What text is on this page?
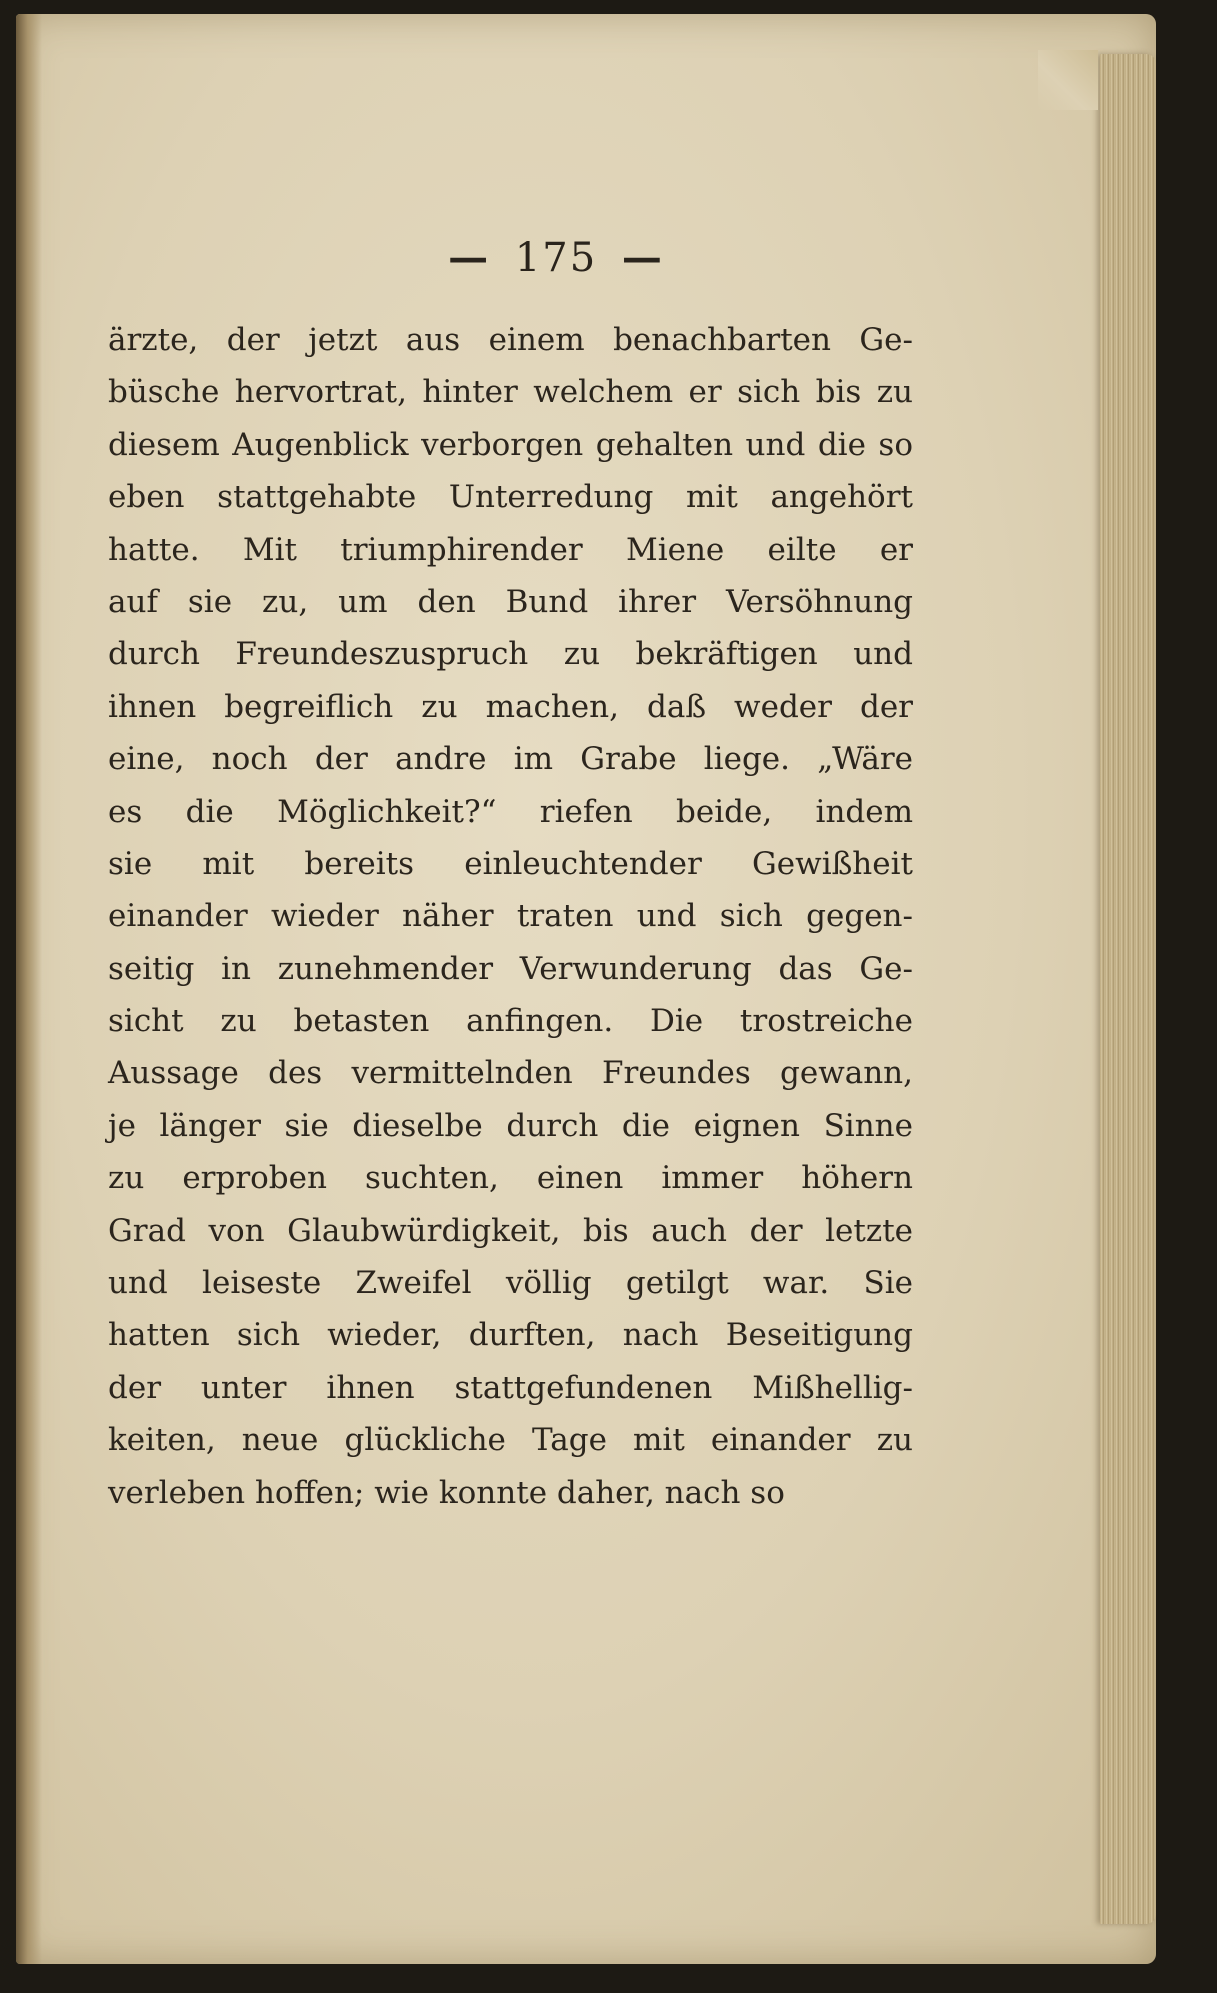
— 175 —
ärzte, der jetzt aus einem benachbarten Ge-
büsche hervortrat, hinter welchem er sich bis zu
diesem Augenblick verborgen gehalten und die so
eben stattgehabte Unterredung mit angehört
hatte. Mit triumphirender Miene eilte er
auf sie zu, um den Bund ihrer Versöhnung
durch Freundeszuspruch zu bekräftigen und
ihnen begreiflich zu machen, daß weder der
eine, noch der andre im Grabe liege. „Wäre
es die Möglichkeit?“ riefen beide, indem
sie mit bereits einleuchtender Gewißheit
einander wieder näher traten und sich gegen-
seitig in zunehmender Verwunderung das Ge-
sicht zu betasten anfingen. Die trostreiche
Aussage des vermittelnden Freundes gewann,
je länger sie dieselbe durch die eignen Sinne
zu erproben suchten, einen immer höhern
Grad von Glaubwürdigkeit, bis auch der letzte
und leiseste Zweifel völlig getilgt war. Sie
hatten sich wieder, durften, nach Beseitigung
der unter ihnen stattgefundenen Mißhellig-
keiten, neue glückliche Tage mit einander zu
verleben hoffen; wie konnte daher, nach so
